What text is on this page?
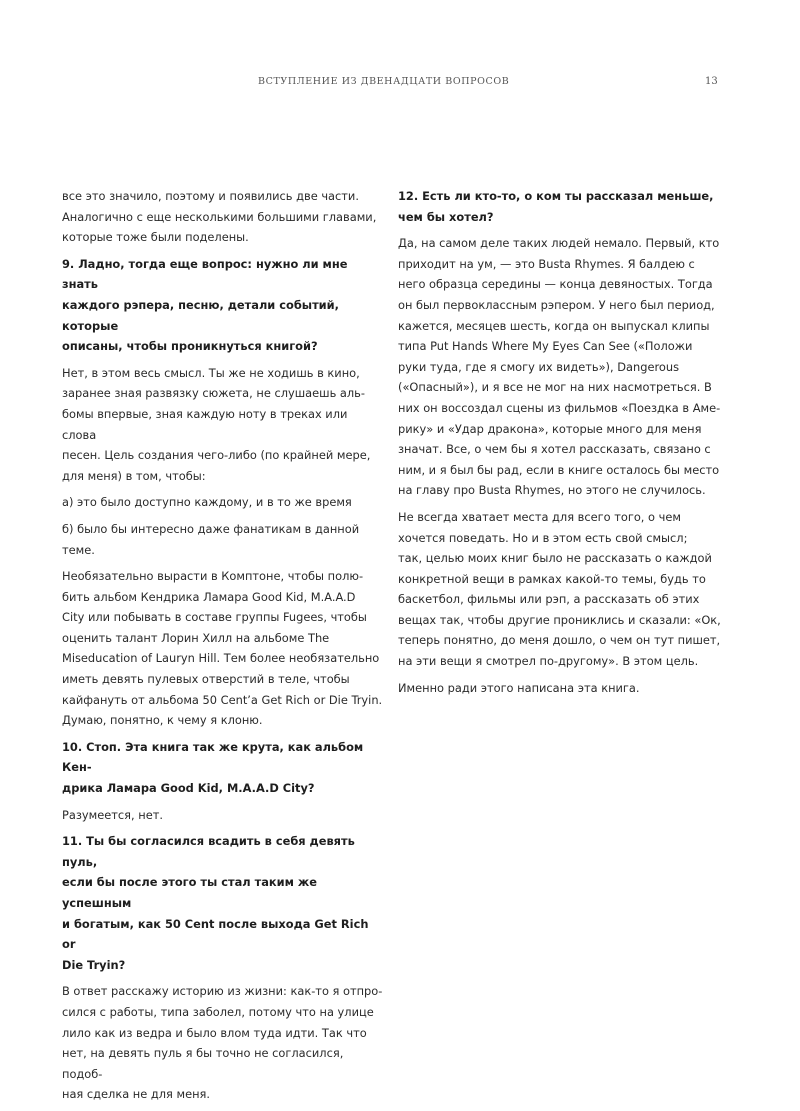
ВСТУПЛЕНИЕ ИЗ ДВЕНАДЦАТИ ВОПРОСОВ	13

все это значило, поэтому и появились две части.
Аналогично с еще несколькими большими главами,
которые тоже были поделены.

9. Ладно, тогда еще вопрос: нужно ли мне знать
каждого рэпера, песню, детали событий, которые
описаны, чтобы проникнуться книгой?

Нет, в этом весь смысл. Ты же не ходишь в кино,
заранее зная развязку сюжета, не слушаешь аль-
бомы впервые, зная каждую ноту в треках или слова
песен. Цель создания чего-либо (по крайней мере,
для меня) в том, чтобы:

а) это было доступно каждому, и в то же время

б) было бы интересно даже фанатикам в данной
теме.

Необязательно вырасти в Комптоне, чтобы полю-
бить альбом Кендрика Ламара Good Kid, M.A.A.D
City или побывать в составе группы Fugees, чтобы
оценить талант Лорин Хилл на альбоме The
Miseducation of Lauryn Hill. Тем более необязательно
иметь девять пулевых отверстий в теле, чтобы
кайфануть от альбома 50 Cent’a Get Rich or Die Tryin.
Думаю, понятно, к чему я клоню.

10. Стоп. Эта книга так же крута, как альбом Кен-
дрика Ламара Good Kid, M.A.A.D City?

Разумеется, нет.

11. Ты бы согласился всадить в себя девять пуль,
если бы после этого ты стал таким же успешным
и богатым, как 50 Cent после выхода Get Rich or
Die Tryin?

В ответ расскажу историю из жизни: как-то я отпро-
сился с работы, типа заболел, потому что на улице
лило как из ведра и было влом туда идти. Так что
нет, на девять пуль я бы точно не согласился, подоб-
ная сделка не для меня.

12. Есть ли кто-то, о ком ты рассказал меньше,
чем бы хотел?

Да, на самом деле таких людей немало. Первый, кто
приходит на ум, — это Busta Rhymes. Я балдею с
него образца середины — конца девяностых. Тогда
он был первоклассным рэпером. У него был период,
кажется, месяцев шесть, когда он выпускал клипы
типа Put Hands Where My Eyes Can See («Положи
руки туда, где я смогу их видеть»), Dangerous
(«Опасный»), и я все не мог на них насмотреться. В
них он воссоздал сцены из фильмов «Поездка в Аме-
рику» и «Удар дракона», которые много для меня
значат. Все, о чем бы я хотел рассказать, связано с
ним, и я был бы рад, если в книге осталось бы место
на главу про Busta Rhymes, но этого не случилось.

Не всегда хватает места для всего того, о чем
хочется поведать. Но и в этом есть свой смысл;
так, целью моих книг было не рассказать о каждой
конкретной вещи в рамках какой-то темы, будь то
баскетбол, фильмы или рэп, а рассказать об этих
вещах так, чтобы другие прониклись и сказали: «Ок,
теперь понятно, до меня дошло, о чем он тут пишет,
на эти вещи я смотрел по-другому». В этом цель.

Именно ради этого написана эта книга.
